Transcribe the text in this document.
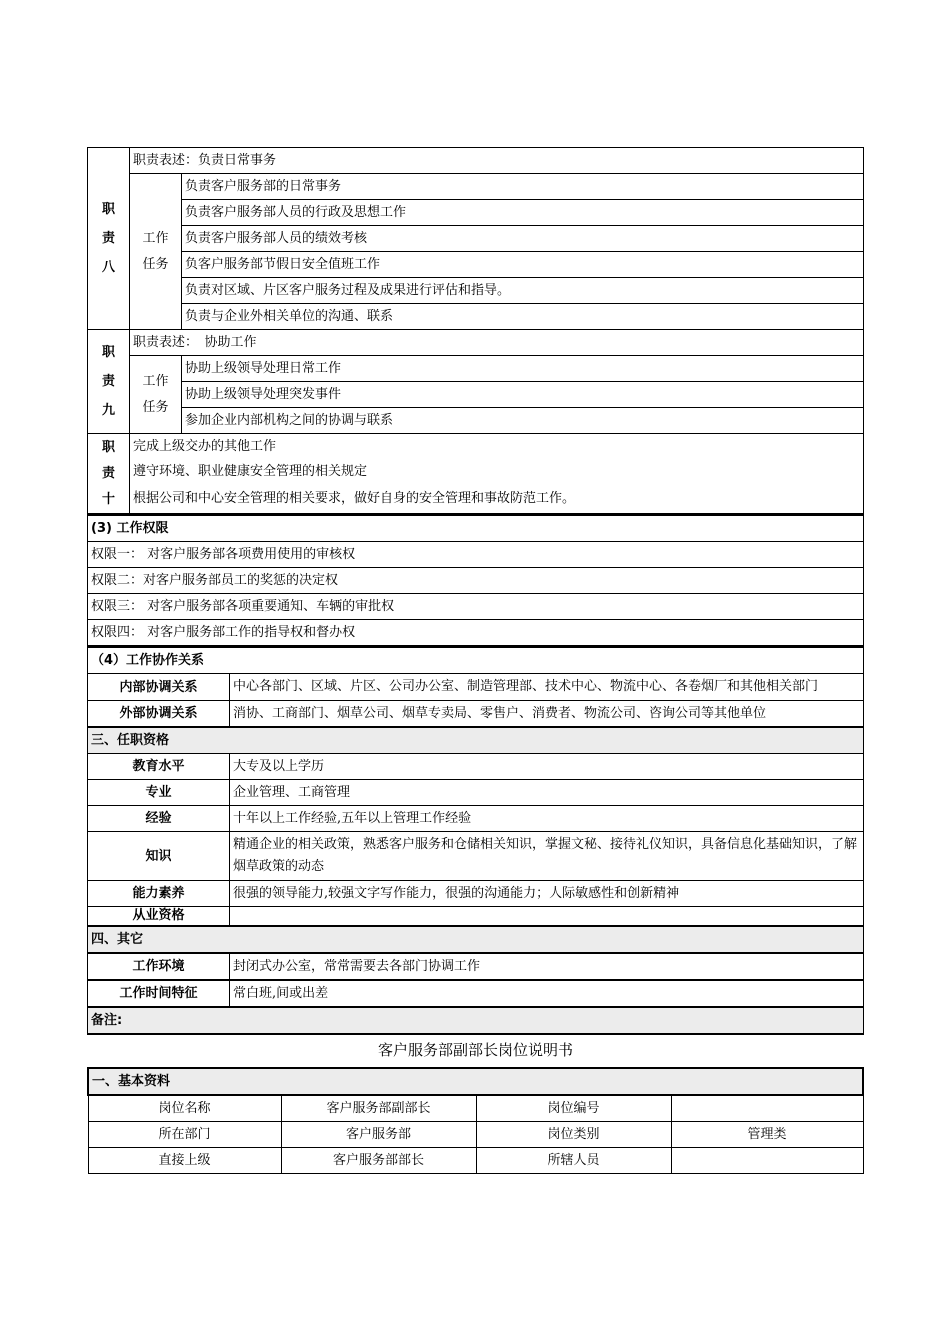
职
责
八	职责表述：负责日常事务	
	工作
任务	负责客户服务部的日常事务
		负责客户服务部人员的行政及思想工作
		负责客户服务部人员的绩效考核
		负客户服务部节假日安全值班工作
		负责对区域、片区客户服务过程及成果进行评估和指导。
		负责与企业外相关单位的沟通、联系
职
责
九	职责表述：　协助工作	
	工作
任务	协助上级领导处理日常工作
		协助上级领导处理突发事件
		参加企业内部机构之间的协调与联系
职
责
十	完成上级交办的其他工作	
	遵守环境、职业健康安全管理的相关规定	
	根据公司和中心安全管理的相关要求，做好自身的安全管理和事故防范工作。	
(3) 工作权限
权限一： 对客户服务部各项费用使用的审核权
权限二：对客户服务部员工的奖惩的决定权
权限三： 对客户服务部各项重要通知、车辆的审批权
权限四： 对客户服务部工作的指导权和督办权
（4）工作协作关系	
内部协调关系	中心各部门、区域、片区、公司办公室、制造管理部、技术中心、物流中心、各卷烟厂和其他相关部门
外部协调关系	消协、工商部门、烟草公司、烟草专卖局、零售户、消费者、物流公司、咨询公司等其他单位
三、任职资格	
教育水平	大专及以上学历
专业	企业管理、工商管理
经验	十年以上工作经验,五年以上管理工作经验
知识	精通企业的相关政策，熟悉客户服务和仓储相关知识，掌握文秘、接待礼仪知识，具备信息化基础知识，了解烟草政策的动态
能力素养	很强的领导能力,较强文字写作能力，很强的沟通能力；人际敏感性和创新精神
从业资格	
四、其它	
工作环境	封闭式办公室，常常需要去各部门协调工作
工作时间特征	常白班,间或出差
备注:	
客户服务部副部长岗位说明书
一、基本资料			
岗位名称	客户服务部副部长	岗位编号	
所在部门	客户服务部	岗位类别	管理类
直接上级	客户服务部部长	所辖人员	
